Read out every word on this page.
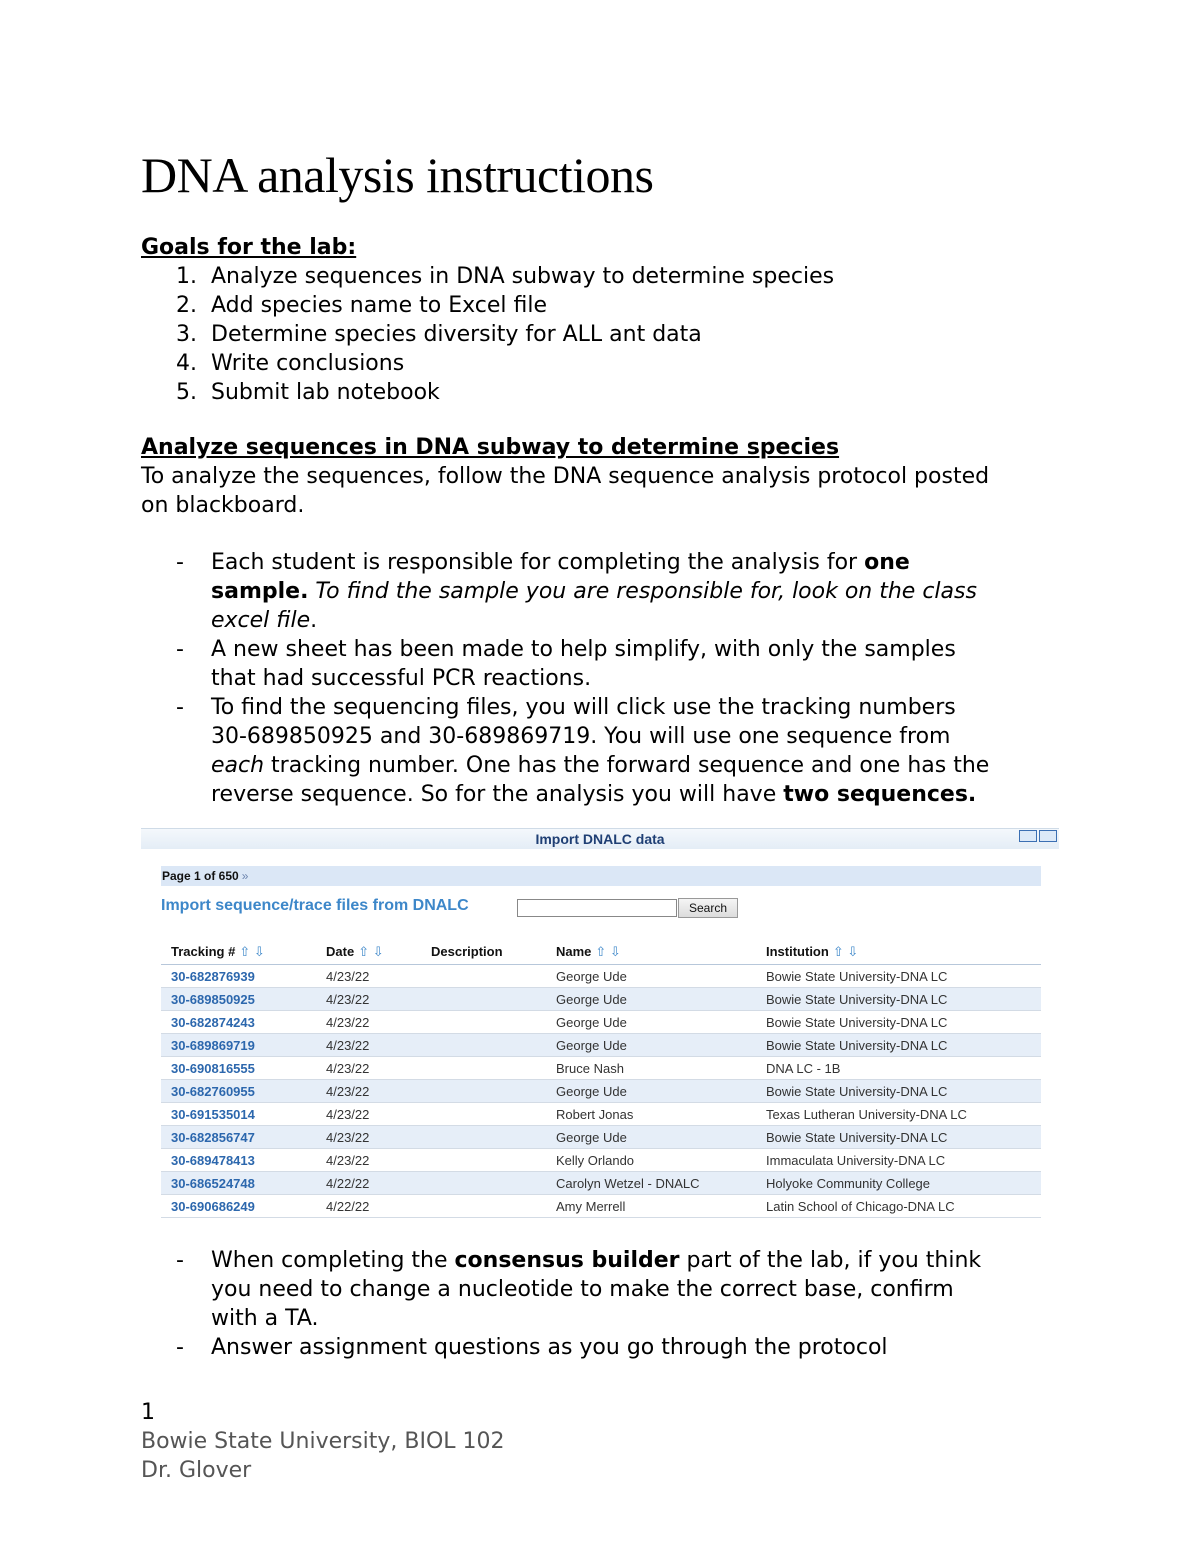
DNA analysis instructions
Goals for the lab:
1. Analyze sequences in DNA subway to determine species
2. Add species name to Excel file
3. Determine species diversity for ALL ant data
4. Write conclusions
5. Submit lab notebook
Analyze sequences in DNA subway to determine species
To analyze the sequences, follow the DNA sequence analysis protocol posted
on blackboard.
- Each student is responsible for completing the analysis for one
sample. To find the sample you are responsible for, look on the class
excel file.
- A new sheet has been made to help simplify, with only the samples
that had successful PCR reactions.
- To find the sequencing files, you will click use the tracking numbers
30-689850925 and 30-689869719. You will use one sequence from
each tracking number. One has the forward sequence and one has the
reverse sequence. So for the analysis you will have two sequences.
Import DNALC data
Page 1 of 650 »
Import sequence/trace files from DNALC	Search
Tracking # ⇧ ⇩	Date ⇧ ⇩	Description	Name ⇧ ⇩	Institution ⇧ ⇩
30-682876939	4/23/22		George Ude	Bowie State University-DNA LC
30-689850925	4/23/22		George Ude	Bowie State University-DNA LC
30-682874243	4/23/22		George Ude	Bowie State University-DNA LC
30-689869719	4/23/22		George Ude	Bowie State University-DNA LC
30-690816555	4/23/22		Bruce Nash	DNA LC - 1B
30-682760955	4/23/22		George Ude	Bowie State University-DNA LC
30-691535014	4/23/22		Robert Jonas	Texas Lutheran University-DNA LC
30-682856747	4/23/22		George Ude	Bowie State University-DNA LC
30-689478413	4/23/22		Kelly Orlando	Immaculata University-DNA LC
30-686524748	4/22/22		Carolyn Wetzel - DNALC	Holyoke Community College
30-690686249	4/22/22		Amy Merrell	Latin School of Chicago-DNA LC
- When completing the consensus builder part of the lab, if you think
you need to change a nucleotide to make the correct base, confirm
with a TA.
- Answer assignment questions as you go through the protocol
1
Bowie State University, BIOL 102
Dr. Glover
